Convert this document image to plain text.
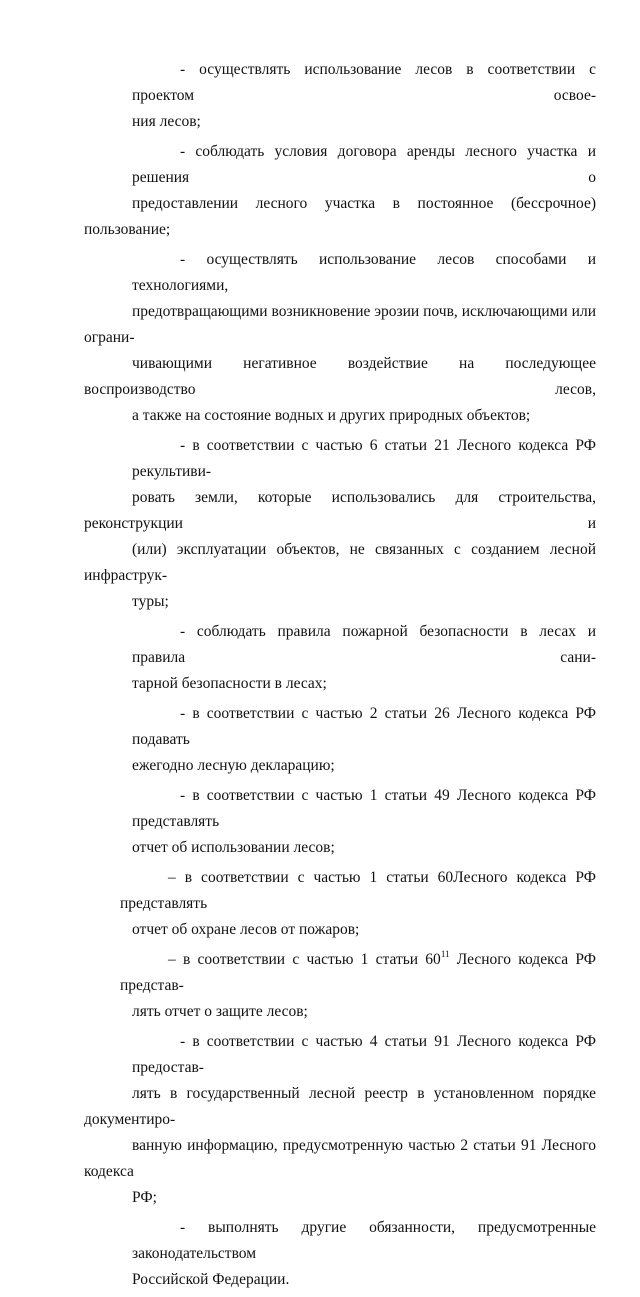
- осуществлять использование лесов в соответствии с проектом освое-
ния лесов;

- соблюдать условия договора аренды лесного участка и решения о
предоставлении лесного участка в постоянное (бессрочное) пользование;

- осуществлять использование лесов способами и технологиями,
предотвращающими возникновение эрозии почв, исключающими или ограни-
чивающими негативное воздействие на последующее воспроизводство лесов,
а также на состояние водных и других природных объектов;

- в соответствии с частью 6 статьи 21 Лесного кодекса РФ рекультиви-
ровать земли, которые использовались для строительства, реконструкции и
(или) эксплуатации объектов, не связанных с созданием лесной инфраструк-
туры;

- соблюдать правила пожарной безопасности в лесах и правила сани-
тарной безопасности в лесах;

- в соответствии с частью 2 статьи 26 Лесного кодекса РФ подавать
ежегодно лесную декларацию;

- в соответствии с частью 1 статьи 49 Лесного кодекса РФ представлять
отчет об использовании лесов;

– в соответствии с частью 1 статьи 60Лесного кодекса РФ представлять
отчет об охране лесов от пожаров;

– в соответствии с частью 1 статьи $60^{11}$ Лесного кодекса РФ представ-
лять отчет о защите лесов;

- в соответствии с частью 4 статьи 91 Лесного кодекса РФ предостав-
лять в государственный лесной реестр в установленном порядке документиро-
ванную информацию, предусмотренную частью 2 статьи 91 Лесного кодекса
РФ;

- выполнять другие обязанности, предусмотренные законодательством
Российской Федерации.
